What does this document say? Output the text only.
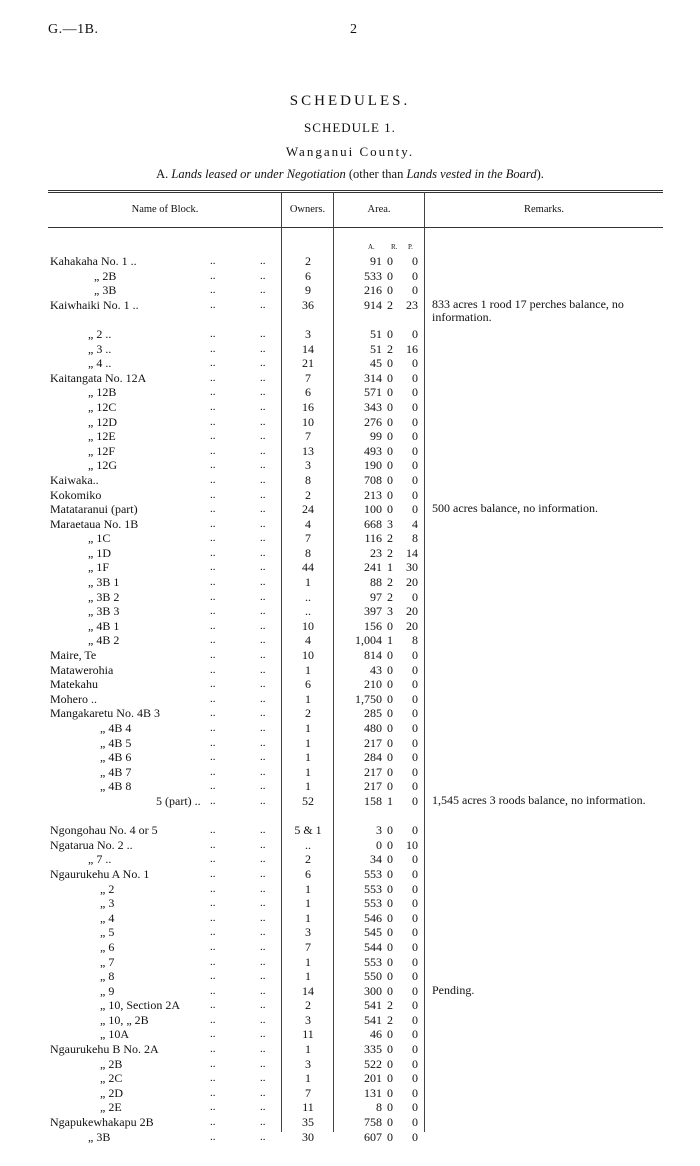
G.—1B.	2
SCHEDULES.
SCHEDULE 1.
Wanganui County.
A. Lands leased or under Negotiation (other than Lands vested in the Board).
Name of Block.	Owners.	Area.	Remarks.
A. R. P.
Kahakaha No. 1 .. .. ..	2	91	0	0		

„ 2B .. ..	6	533	0	0		

„ 3B .. ..	9	216	0	0		

Kaiwhaiki No. 1 .. .. ..	36	914	2	23		833 acres 1 rood 17 perches balance, no information.

„ 2 .. .. ..	3	51	0	0		

„ 3 .. .. ..	14	51	2	16		

„ 4 .. .. ..	21	45	0	0		

Kaitangata No. 12A .. ..	7	314	0	0		

„ 12B .. ..	6	571	0	0		

„ 12C .. ..	16	343	0	0		

„ 12D .. ..	10	276	0	0		

„ 12E .. ..	7	99	0	0		

„ 12F .. ..	13	493	0	0		

„ 12G .. ..	3	190	0	0		

Kaiwaka.. .. ..	8	708	0	0		

Kokomiko .. ..	2	213	0	0		

Matataranui (part) .. ..	24	100	0	0		500 acres balance, no information.

Maraetaua No. 1B .. ..	4	668	3	4		

„ 1C .. ..	7	116	2	8		

„ 1D .. ..	8	23	2	14		

„ 1F .. ..	44	241	1	30		

„ 3B 1 .. ..	1	88	2	20		

„ 3B 2 .. ..	..	97	2	0		

„ 3B 3 .. ..	..	397	3	20		

„ 4B 1 .. ..	10	156	0	20		

„ 4B 2 .. ..	4	1,004	1	8		

Maire, Te .. ..	10	814	0	0		

Matawerohia .. ..	1	43	0	0		

Matekahu .. ..	6	210	0	0		

Mohero .. .. ..	1	1,750	0	0		

Mangakaretu No. 4B 3 .. ..	2	285	0	0		

„ 4B 4 .. ..	1	480	0	0		

„ 4B 5 .. ..	1	217	0	0		

„ 4B 6 .. ..	1	284	0	0		

„ 4B 7 .. ..	1	217	0	0		

„ 4B 8 .. ..	1	217	0	0		

5 (part) .. .. ..	52	158	1	0		1,545 acres 3 roods balance, no information.

Ngongohau No. 4 or 5 .. ..	5 & 1	3	0	0		

Ngatarua No. 2 .. .. ..	..	0	0	10		

„ 7 .. .. ..	2	34	0	0		

Ngaurukehu A No. 1 .. ..	6	553	0	0		

„ 2 .. ..	1	553	0	0		

„ 3 .. ..	1	553	0	0		

„ 4 .. ..	1	546	0	0		

„ 5 .. ..	3	545	0	0		

„ 6 .. ..	7	544	0	0		

„ 7 .. ..	1	553	0	0		

„ 8 .. ..	1	550	0	0		

„ 9 .. ..	14	300	0	0		Pending.

„ 10, Section 2A .. ..	2	541	2	0		

„ 10, „ 2B .. ..	3	541	2	0		

„ 10A .. ..	11	46	0	0		

Ngaurukehu B No. 2A .. ..	1	335	0	0		

„ 2B .. ..	3	522	0	0		

„ 2C .. ..	1	201	0	0		

„ 2D .. ..	7	131	0	0		

„ 2E .. ..	11	8	0	0		

Ngapukewhakapu 2B .. ..	35	758	0	0		

„ 3B .. ..	30	607	0	0		
